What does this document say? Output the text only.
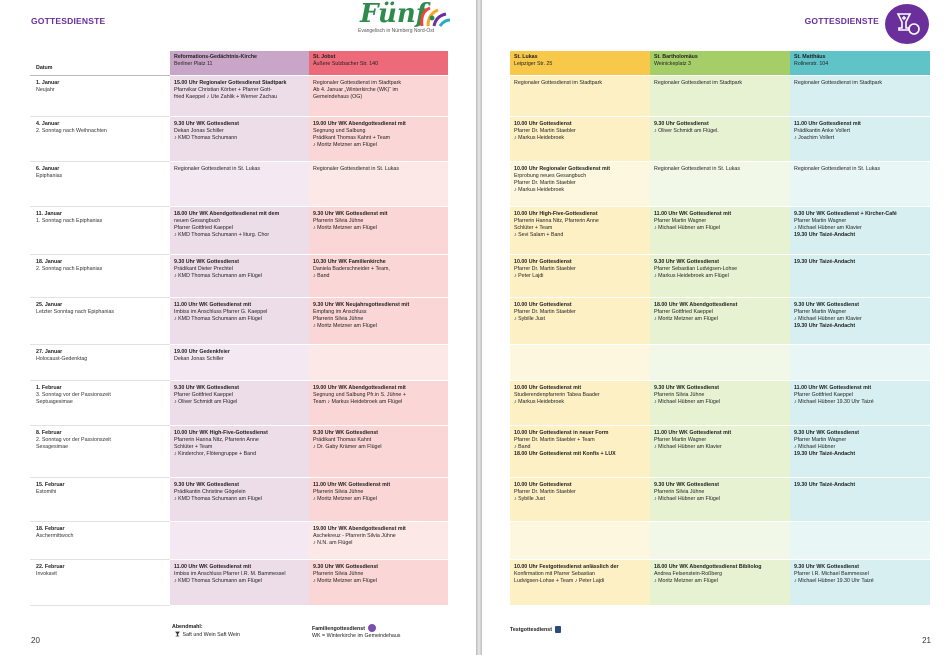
GOTTESDIENSTE	Fünf
Evangelisch in Nürnberg Nord-Ost
Datum	Reformations-Gedächtnis-Kirche
Berliner Platz 11	St. Jobst
Äußere Sulzbacher Str. 140

1. Januar
Neujahr	15.00 Uhr Regionaler Gottesdienst Stadtpark
Pfarrvikar Christian Körber + Pfarrer Gott-
fried Kaeppel ♪ Ute Zahlik + Werner Zachau	Regionaler Gottesdienst im Stadtpark
Ab 4. Januar „Winterkirche (WK)“ im
Gemeindehaus (OG)

4. Januar
2. Sonntag nach Weihnachten	9.30 Uhr WK Gottesdienst
Dekan Jonas Schiller
♪ KMD Thomas Schumann	19.00 Uhr WK Abendgottesdienst mit
Segnung und Salbung
Prädikant Thomas Kahnt + Team
♪ Moritz Metzner am Flügel

6. Januar
Epiphanias	Regionaler Gottesdienst in St. Lukas	Regionaler Gottesdienst in St. Lukas

11. Januar
1. Sonntag nach Epiphanias	18.00 Uhr WK Abendgottesdienst mit dem
neuen Gesangbuch
Pfarrer Gottfried Kaeppel
♪ KMD Thomas Schumann + liturg. Chor	9.30 Uhr WK Gottesdienst mit
Pfarrerin Silvia Jühne
♪ Moritz Metzner am Flügel

18. Januar
2. Sonntag nach Epiphanias	9.30 Uhr WK Gottesdienst
Prädikant Dieter Prechtel
♪ KMD Thomas Schumann am Flügel	10.30 Uhr WK Familienkirche
Daniela Baderschneider + Team,
♪ Band

25. Januar
Letzter Sonntag nach Epiphanias	11.00 Uhr WK Gottesdienst mit
Imbiss im Anschluss Pfarrer G. Kaeppel
♪ KMD Thomas Schumann am Flügel	9.30 Uhr WK Neujahrsgottesdienst mit
Empfang im Anschluss
Pfarrerin Silvia Jühne
♪ Moritz Metzner am Flügel

27. Januar
Holocaust-Gedenktag	19.00 Uhr Gedenkfeier
Dekan Jonas Schiller	

1. Februar
3. Sonntag vor der Passionszeit
Septuagesimae	9.30 Uhr WK Gottesdienst
Pfarrer Gottfried Kaeppel
♪ Oliver Schmidt am Flügel	19.00 Uhr WK Abendgottesdienst mit
Segnung und Salbung Pfr.in S. Jühne +
Team ♪ Markus Heidebroek am Flügel

8. Februar
2. Sonntag vor der Passionszeit
Sexagesimae	10.00 Uhr WK High-Five-Gottesdienst
Pfarrerin Hanna Nitz, Pfarrerin Anne
Schlüter + Team
♪ Kinderchor, Flötengruppe + Band	9.30 Uhr WK Gottesdienst
Prädikant Thomas Kahnt
♪ Dr. Gaby Krämer am Flügel

15. Februar
Estomihi	9.30 Uhr WK Gottesdienst
Prädikantin Christine Gögelein
♪ KMD Thomas Schumann am Flügel	11.00 Uhr WK Gottesdienst mit
Pfarrerin Silvia Jühne
♪ Moritz Metzner am Flügel

18. Februar
Aschermittwoch		19.00 Uhr WK Abendgottesdienst mit
Aschekreuz - Pfarrerin Silvia Jühne
♪ N.N. am Flügel

22. Februar
Invokavit	11.00 Uhr WK Gottesdienst mit
Imbiss im Anschluss Pfarrer I.R. M. Bammessel
♪ KMD Thomas Schumann am Flügel	9.30 Uhr WK Gottesdienst
Pfarrerin Silvia Jühne
♪ Moritz Metzner am Flügel
Abendmahl:
Saft und Wein Saft Wein
Familiengottesdienst
WK = Winterkirche im Gemeindehaus
20
GOTTESDIENSTE
St. Lukas
Leipziger Str. 25	St. Bartholomäus
Weinickeplatz 3	St. Matthäus
Rollnerstr. 104

Regionaler Gottesdienst im Stadtpark	Regionaler Gottesdienst im Stadtpark	Regionaler Gottesdienst im Stadtpark

10.00 Uhr Gottesdienst
Pfarrer Dr. Martin Staebler
♪ Markus Heidebroek	9.30 Uhr Gottesdienst
♪ Oliver Schmidt am Flügel.	11.00 Uhr Gottesdienst mit
Prädikantin Anke Vollert
♪ Joachim Vollert

10.00 Uhr Regionaler Gottesdienst mit
Erprobung neues Gesangbuch
Pfarrer Dr. Martin Staebler
♪ Markus Heidebroek	Regionaler Gottesdienst in St. Lukas	Regionaler Gottesdienst in St. Lukas

10.00 Uhr High-Five-Gottesdienst
Pfarrerin Hanna Nitz, Pfarrerin Anne
Schlüter + Team
♪ Sevi Salam + Band	11.00 Uhr WK Gottesdienst mit
Pfarrer Martin Wagner
♪ Michael Hübner am Flügel	9.30 Uhr WK Gottesdienst + Kircher-Café
Pfarrer Martin Wagner
♪ Michael Hübner am Klavier
19.30 Uhr Taizé-Andacht

10.00 Uhr Gottesdienst
Pfarrer Dr. Martin Staebler
♪ Peter Lajdi	9.30 Uhr WK Gottesdienst
Pfarrer Sebastian Ludvigsen-Lohse
♪ Markus Heidebroek am Flügel	19.30 Uhr Taizé-Andacht

10.00 Uhr Gottesdienst
Pfarrer Dr. Martin Staebler
♪ Sybille Just	18.00 Uhr WK Abendgottesdienst
Pfarrer Gottfried Kaeppel
♪ Moritz Metzner am Flügel	9.30 Uhr WK Gottesdienst
Pfarrer Martin Wagner
♪ Michael Hübner am Klavier
19.30 Uhr Taizé-Andacht

10.00 Uhr Gottesdienst mit
Studierendenpfarrerin Tabea Baader
♪ Markus Heidebroek	9.30 Uhr WK Gottesdienst
Pfarrerin Silvia Jühne
♪ Michael Hübner am Flügel	11.00 Uhr WK Gottesdienst mit
Pfarrer Gottfried Kaeppel
♪ Michael Hübner 19.30 Uhr Taizé

10.00 Uhr Gottesdienst in neuer Form
Pfarrer Dr. Martin Staebler + Team
♪ Band
18.00 Uhr Gottesdienst mit Konfis + LUX	11.00 Uhr WK Gottesdienst mit
Pfarrer Martin Wagner
♪ Michael Hübner am Klavier	9.30 Uhr WK Gottesdienst
Pfarrer Martin Wagner
♪ Michael Hübner
19.30 Uhr Taizé-Andacht

10.00 Uhr Gottesdienst
Pfarrer Dr. Martin Staebler
♪ Sybille Just	9.30 Uhr WK Gottesdienst
Pfarrerin Silvia Jühne
♪ Michael Hübner am Flügel	19.30 Uhr Taizé-Andacht

10.00 Uhr Festgottesdienst anlässlich der
Konfirmation mit Pfarrer Sebastian
Ludvigsen-Lohse + Team ♪ Peter Lajdi	18.00 Uhr WK Abendgottesdienst Bibliolog
Andrea Felsenstein-Roßberg
♪ Moritz Metzner am Flügel	9.30 Uhr WK Gottesdienst
Pfarrer I.R. Michael Bammessel
♪ Michael Hübner 19.30 Uhr Taizé
Testgottesdienst
21
